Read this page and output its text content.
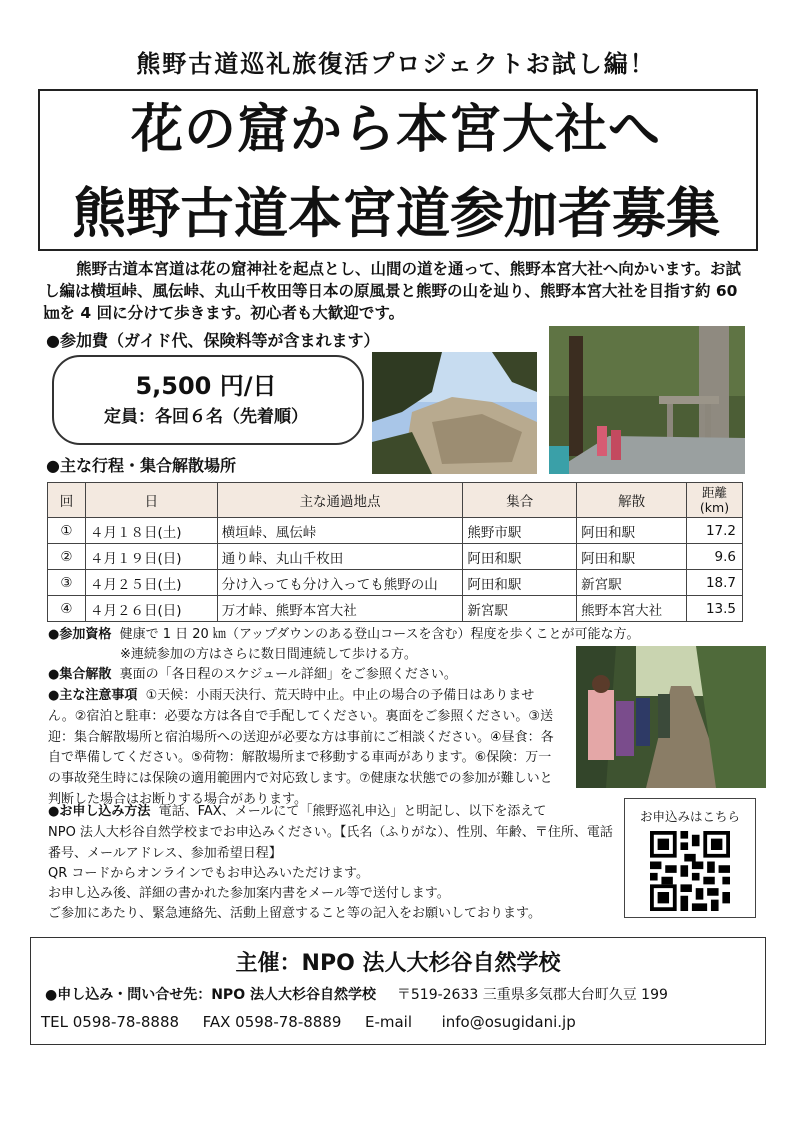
熊野古道巡礼旅復活プロジェクトお試し編！
花の窟から本宮大社へ
熊野古道本宮道参加者募集
熊野古道本宮道は花の窟神社を起点とし、山間の道を通って、熊野本宮大社へ向かいます。お試し編は横垣峠、風伝峠、丸山千枚田等日本の原風景と熊野の山を辿り、熊野本宮大社を目指す約 60 ㎞を 4 回に分けて歩きます。初心者も大歓迎です。
●参加費（ガイド代、保険料等が含まれます）
5,500 円/日
定員：各回６名（先着順）
●主な行程・集合解散場所
回	日	主な通過地点	集合	解散	距離
(km)
①	４月１８日(土)	横垣峠、風伝峠	熊野市駅	阿田和駅	17.2
②	４月１９日(日)	通り峠、丸山千枚田	阿田和駅	阿田和駅	9.6
③	４月２５日(土)	分け入っても分け入っても熊野の山	阿田和駅	新宮駅	18.7
④	４月２６日(日)	万才峠、熊野本宮大社	新宮駅	熊野本宮大社	13.5
●参加資格 健康で 1 日 20 ㎞（アップダウンのある登山コースを含む）程度を歩くことが可能な方。
※連続参加の方はさらに数日間連続して歩ける方。
●集合解散 裏面の「各日程のスケジュール詳細」をご参照ください。
●主な注意事項 ①天候：小雨天決行、荒天時中止。中止の場合の予備日はありません。②宿泊と駐車：必要な方は各自で手配してください。裏面をご参照ください。③送迎：集合解散場所と宿泊場所への送迎が必要な方は事前にご相談ください。④昼食：各自で準備してください。⑤荷物：解散場所まで移動する車両があります。⑥保険：万一の事故発生時には保険の適用範囲内で対応致します。⑦健康な状態での参加が難しいと判断した場合はお断りする場合があります。
●お申し込み方法 電話、FAX、メールにて「熊野巡礼申込」と明記し、以下を添えて
NPO 法人大杉谷自然学校までお申込みください。【氏名（ふりがな）、性別、年齢、〒住所、電話番号、メールアドレス、参加希望日程】
QR コードからオンラインでもお申込みいただけます。
お申し込み後、詳細の書かれた参加案内書をメール等で送付します。
ご参加にあたり、緊急連絡先、活動上留意すること等の記入をお願いしております。
お申込みはこちら
主催：NPO 法人大杉谷自然学校
●申し込み・問い合せ先：NPO 法人大杉谷自然学校 〒519-2633 三重県多気郡大台町久豆 199
TEL 0598-78-8888 FAX 0598-78-8889 E-mail info@osugidani.jp
